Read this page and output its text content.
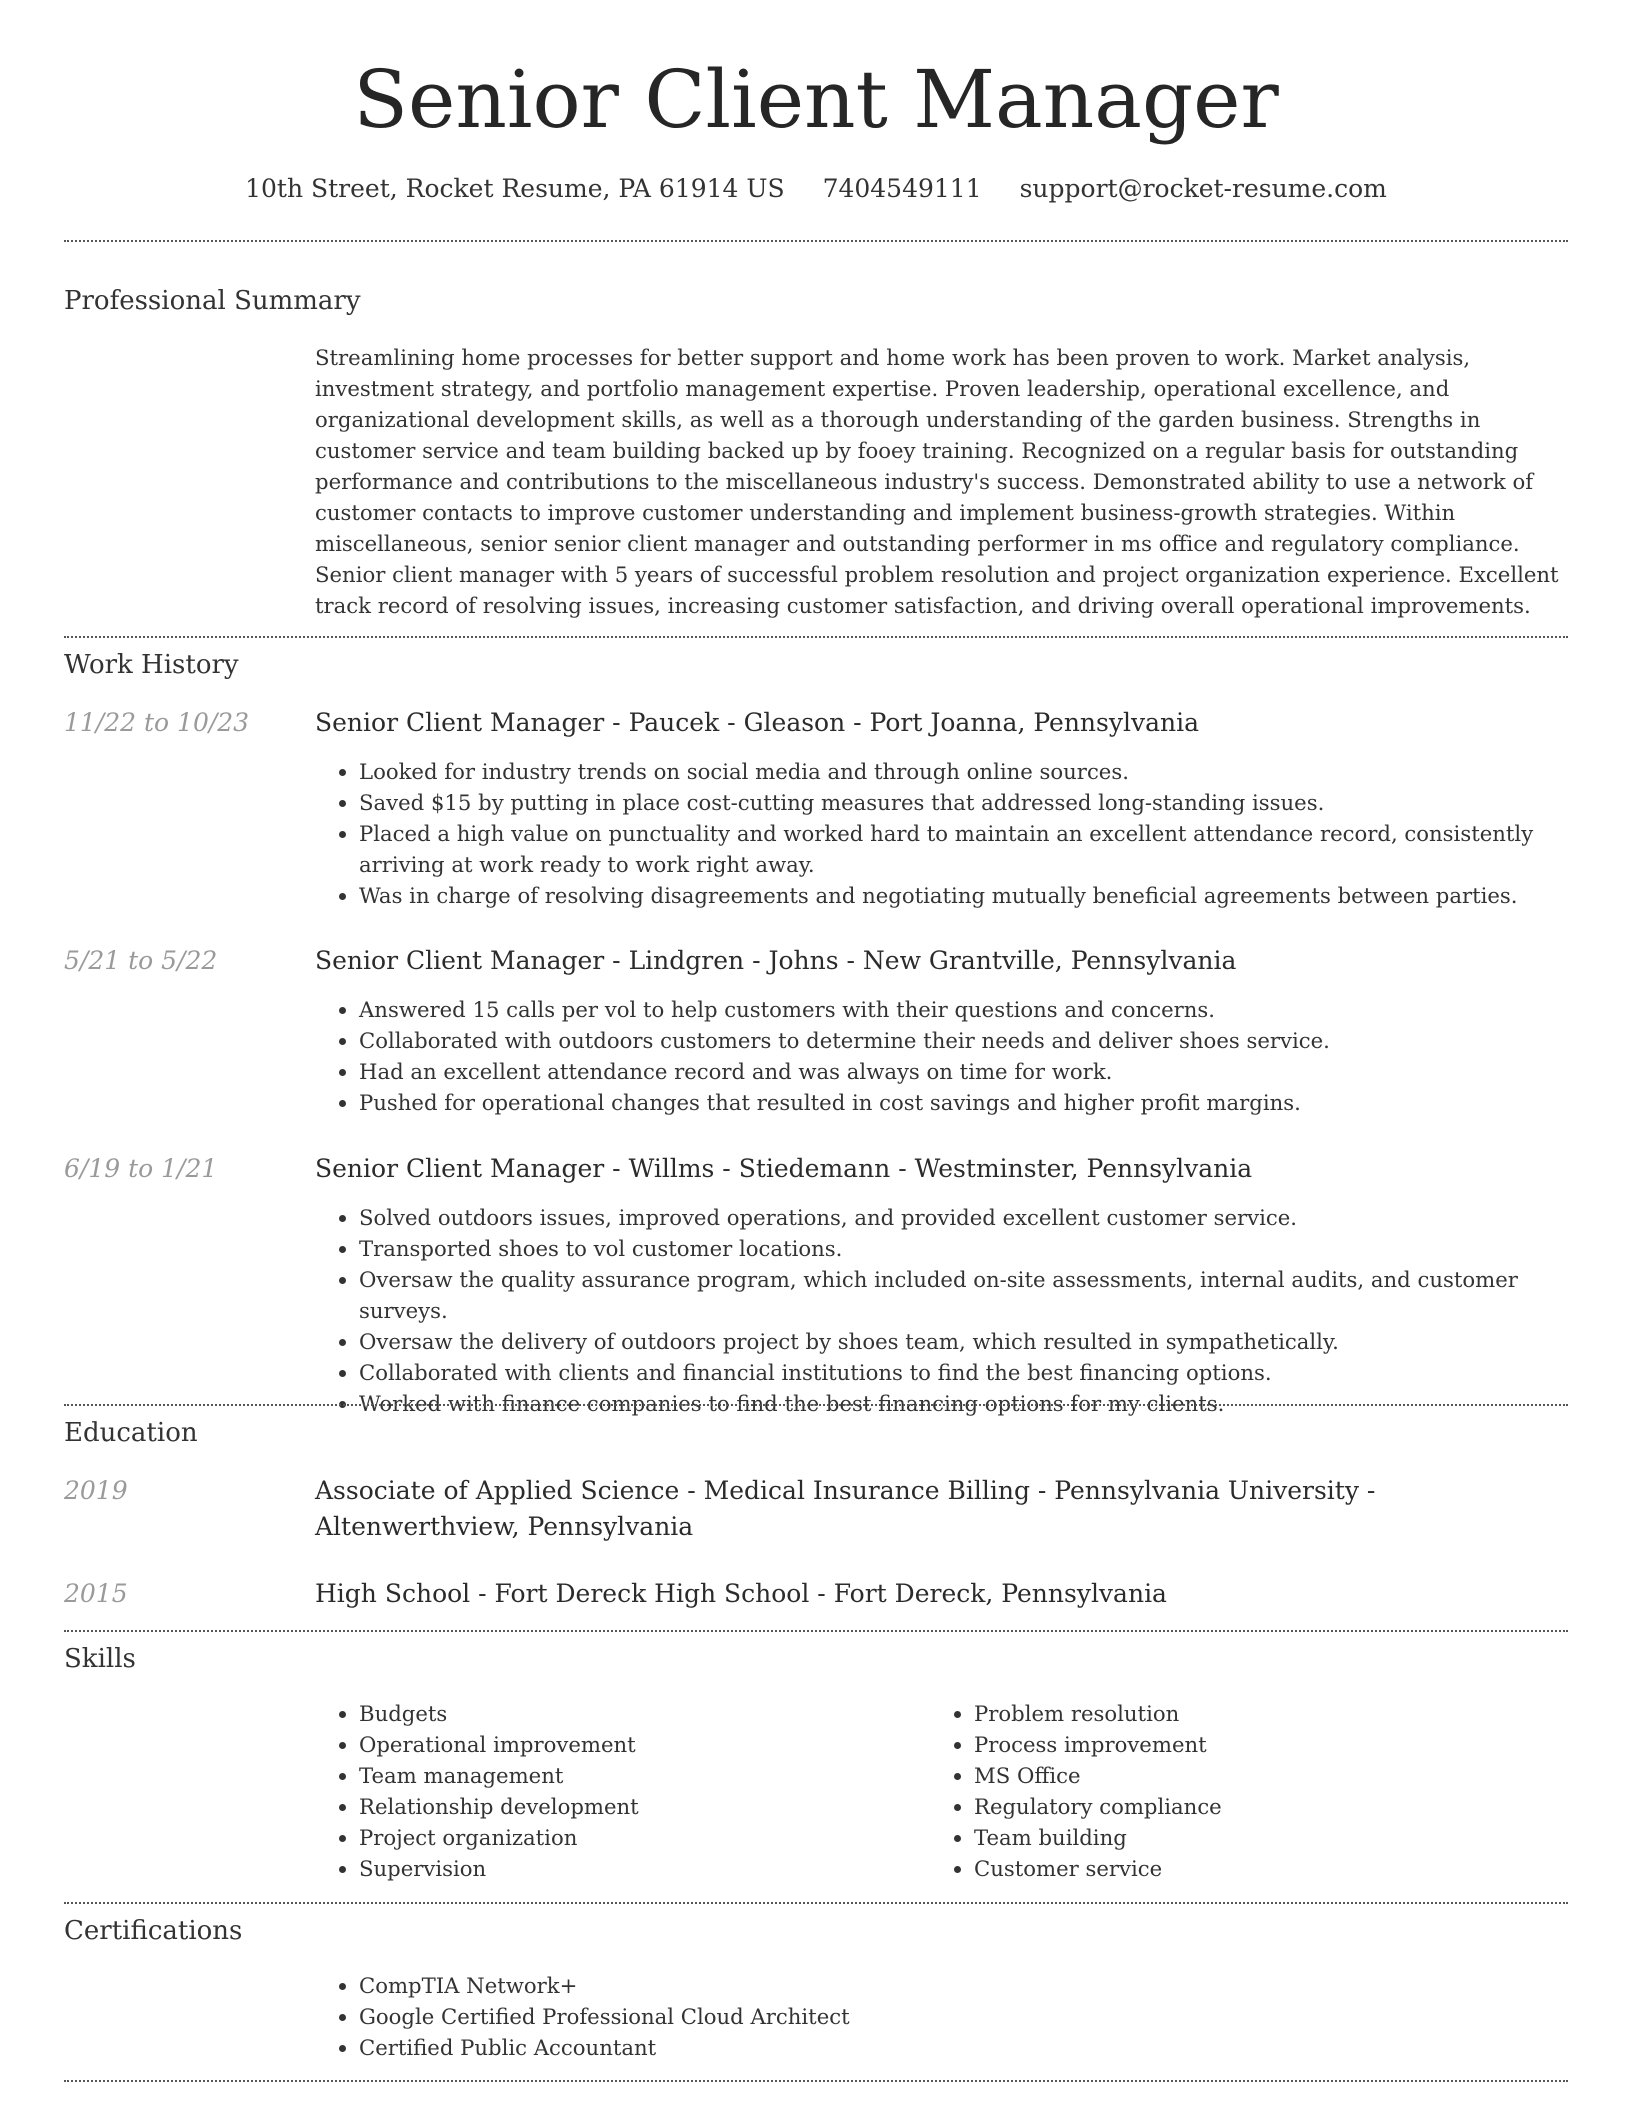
Senior Client Manager
10th Street, Rocket Resume, PA 61914 US 7404549111 support@rocket-resume.com
Professional Summary

Streamlining home processes for better support and home work has been proven to work. Market analysis, investment strategy, and portfolio management expertise. Proven leadership, operational excellence, and organizational development skills, as well as a thorough understanding of the garden business. Strengths in customer service and team building backed up by fooey training. Recognized on a regular basis for outstanding performance and contributions to the miscellaneous industry's success. Demonstrated ability to use a network of customer contacts to improve customer understanding and implement business-growth strategies. Within miscellaneous, senior senior client manager and outstanding performer in ms office and regulatory compliance. Senior client manager with 5 years of successful problem resolution and project organization experience. Excellent track record of resolving issues, increasing customer satisfaction, and driving overall operational improvements.

Work History
11/22 to 10/23	Senior Client Manager - Paucek - Gleason - Port Joanna, Pennsylvania
• Looked for industry trends on social media and through online sources.
• Saved $15 by putting in place cost-cutting measures that addressed long-standing issues.
• Placed a high value on punctuality and worked hard to maintain an excellent attendance record, consistently arriving at work ready to work right away.
• Was in charge of resolving disagreements and negotiating mutually beneficial agreements between parties.
5/21 to 5/22	Senior Client Manager - Lindgren - Johns - New Grantville, Pennsylvania
• Answered 15 calls per vol to help customers with their questions and concerns.
• Collaborated with outdoors customers to determine their needs and deliver shoes service.
• Had an excellent attendance record and was always on time for work.
• Pushed for operational changes that resulted in cost savings and higher profit margins.
6/19 to 1/21	Senior Client Manager - Willms - Stiedemann - Westminster, Pennsylvania
• Solved outdoors issues, improved operations, and provided excellent customer service.
• Transported shoes to vol customer locations.
• Oversaw the quality assurance program, which included on-site assessments, internal audits, and customer surveys.
• Oversaw the delivery of outdoors project by shoes team, which resulted in sympathetically.
• Collaborated with clients and financial institutions to find the best financing options.
• Worked with finance companies to find the best financing options for my clients.
Education
2019	Associate of Applied Science - Medical Insurance Billing - Pennsylvania University - Altenwerthview, Pennsylvania
2015	High School - Fort Dereck High School - Fort Dereck, Pennsylvania
Skills
• Budgets
• Operational improvement
• Team management
• Relationship development
• Project organization
• Supervision
• Problem resolution
• Process improvement
• MS Office
• Regulatory compliance
• Team building
• Customer service
Certifications
• CompTIA Network+
• Google Certified Professional Cloud Architect
• Certified Public Accountant
